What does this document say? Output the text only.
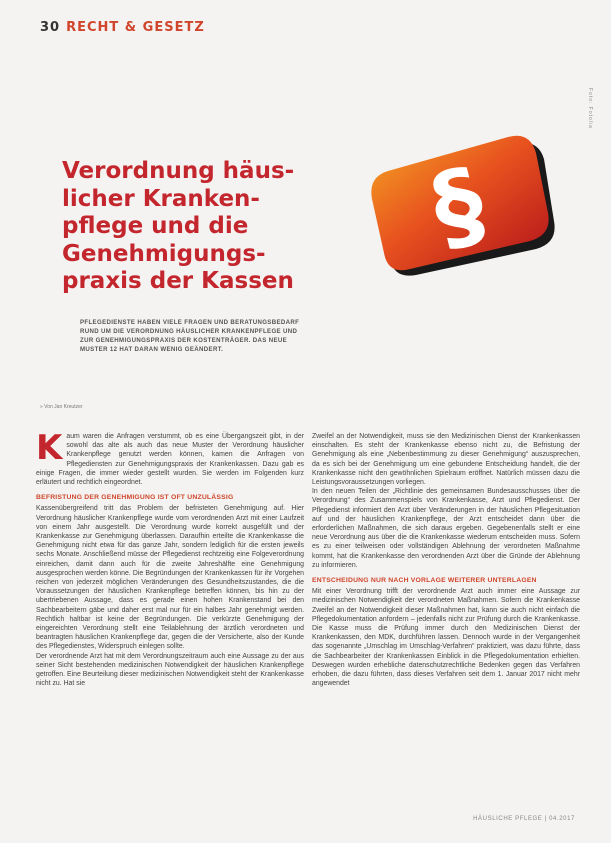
30 RECHT & GESETZ
Foto: Fotolia
Verordnung häus-
licher Kranken-
pflege und die
Genehmigungs-
praxis der Kassen
§

PFLEGEDIENSTE HABEN VIELE FRAGEN UND BERATUNGSBEDARF RUND UM DIE VERORDNUNG HÄUSLICHER KRANKENPFLEGE UND ZUR GENEHMIGUNGSPRAXIS DER KOSTENTRÄGER. DAS NEUE MUSTER 12 HAT DARAN WENIG GEÄNDERT.

» Von Jan Kreutzer

Kaum waren die Anfragen verstummt, ob es eine Übergangszeit gibt, in der sowohl das alte als auch das neue Muster der Verordnung häuslicher Krankenpflege genutzt werden können, kamen die Anfragen von Pflegediensten zur Genehmigungspraxis der Krankenkassen. Dazu gab es einige Fragen, die immer wieder gestellt wurden. Sie werden im Folgenden kurz erläutert und rechtlich eingeordnet.

BEFRISTUNG DER GENEHMIGUNG IST OFT UNZULÄSSIG

Kassenübergreifend tritt das Problem der befristeten Genehmigung auf. Hier Verordnung häuslicher Krankenpflege wurde vom verordnenden Arzt mit einer Laufzeit von einem Jahr ausgestellt. Die Verordnung wurde korrekt ausgefüllt und der Krankenkasse zur Genehmigung überlassen. Daraufhin erteilte die Krankenkasse die Genehmigung nicht etwa für das ganze Jahr, sondern lediglich für die ersten jeweils sechs Monate. Anschließend müsse der Pflegedienst rechtzeitig eine Folgeverordnung einreichen, damit dann auch für die zweite Jahreshälfte eine Genehmigung ausgesprochen werden könne. Die Begründungen der Krankenkassen für ihr Vorgehen reichen von jederzeit möglichen Veränderungen des Gesundheitszustandes, die die Voraussetzungen der häuslichen Krankenpflege betreffen können, bis hin zu der ubertriebenen Aussage, dass es gerade einen hohen Krankenstand bei den Sachbearbeitern gäbe und daher erst mal nur für ein halbes Jahr genehmigt werden. Rechtlich haltbar ist keine der Begründungen. Die verkürzte Genehmigung der eingereichten Verordnung stellt eine Teilablehnung der ärztlich verordneten und beantragten häuslichen Krankenpflege dar, gegen die der Versicherte, also der Kunde des Pflegedienstes, Widerspruch einlegen sollte.

Der verordnende Arzt hat mit dem Verordnungszeitraum auch eine Aussage zu der aus seiner Sicht bestehenden medizinischen Notwendigkeit der häuslichen Krankenpflege getroffen. Eine Beurteilung dieser medizinischen Notwendigkeit steht der Krankenkasse nicht zu. Hat sie

Zweifel an der Notwendigkeit, muss sie den Medizinischen Dienst der Krankenkassen einschalten. Es steht der Krankenkasse ebenso nicht zu, die Befristung der Genehmigung als eine „Nebenbestimmung zu dieser Genehmigung“ auszusprechen, da es sich bei der Genehmigung um eine gebundene Entscheidung handelt, die der Krankenkasse nicht den gewöhnlichen Spielraum eröffnet. Natürlich müssen dazu die Leistungsvoraussetzungen vorliegen.

In den neuen Teilen der „Richtlinie des gemeinsamen Bundesausschusses über die Verordnung“ des Zusammenspiels von Krankenkasse, Arzt und Pflegedienst. Der Pflegedienst informiert den Arzt über Veränderungen in der häuslichen Pflegesituation auf und der häuslichen Krankenpflege, der Arzt entscheidet dann über die erforderlichen Maßnahmen, die sich daraus ergeben. Gegebenenfalls stellt er eine neue Verordnung aus über die die Krankenkasse wiederum entscheiden muss. Sofern es zu einer teilweisen oder vollständigen Ablehnung der verordneten Maßnahme kommt, hat die Krankenkasse den verordnenden Arzt über die Gründe der Ablehnung zu informieren.

ENTSCHEIDUNG NUR NACH VORLAGE WEITERER UNTERLAGEN

Mit einer Verordnung trifft der verordnende Arzt auch immer eine Aussage zur medizinischen Notwendigkeit der verordneten Maßnahmen. Sofern die Krankenkasse Zweifel an der Notwendigkeit dieser Maßnahmen hat, kann sie auch nicht einfach die Pflegedokumentation anfordern – jedenfalls nicht zur Prüfung durch die Krankenkasse. Die Kasse muss die Prüfung immer durch den Medizinischen Dienst der Krankenkassen, den MDK, durchführen lassen. Dennoch wurde in der Vergangenheit das sogenannte „Umschlag im Umschlag-Verfahren“ praktiziert, was dazu führte, dass die Sachbearbeiter der Krankenkassen Einblick in die Pflegedokumentation erhielten. Deswegen wurden erhebliche datenschutzrechtliche Bedenken gegen das Verfahren erhoben, die dazu führten, dass dieses Verfahren seit dem 1. Januar 2017 nicht mehr angewendet

HÄUSLICHE PFLEGE | 04.2017
